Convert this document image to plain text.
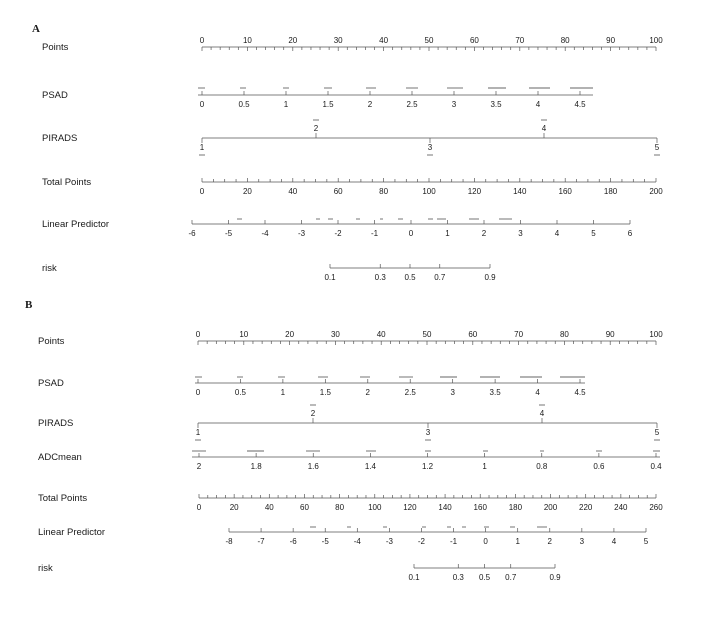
A
Points
0	10	20	30	40	50	60	70	80	90	100
PSAD
0	0.5	1	1.5	2	2.5	3	3.5	4	4.5
PIRADS
1
2
3
4
5
Total Points
0	20	40	60	80	100	120	140	160	180	200
Linear Predictor
-6	-5	-4	-3	-2	-1	0	1	2	3	4	5	6
risk
0.1	0.3 0.5 0.7	0.9
B
Points
0	10	20	30	40	50	60	70	80	90	100
PSAD
0	0.5	1	1.5	2	2.5	3	3.5	4	4.5
PIRADS
1
2
3
4
5
ADCmean
2	1.8	1.6	1.4	1.2	1	0.8	0.6	0.4
Total Points
0	20	40	60	80	100	120	140	160	180	200	220	240	260
Linear Predictor
-8	-7	-6	-5	-4	-3	-2	-1	0	1	2	3	4	5
risk
0.1	0.3 0.5 0.7	0.9
